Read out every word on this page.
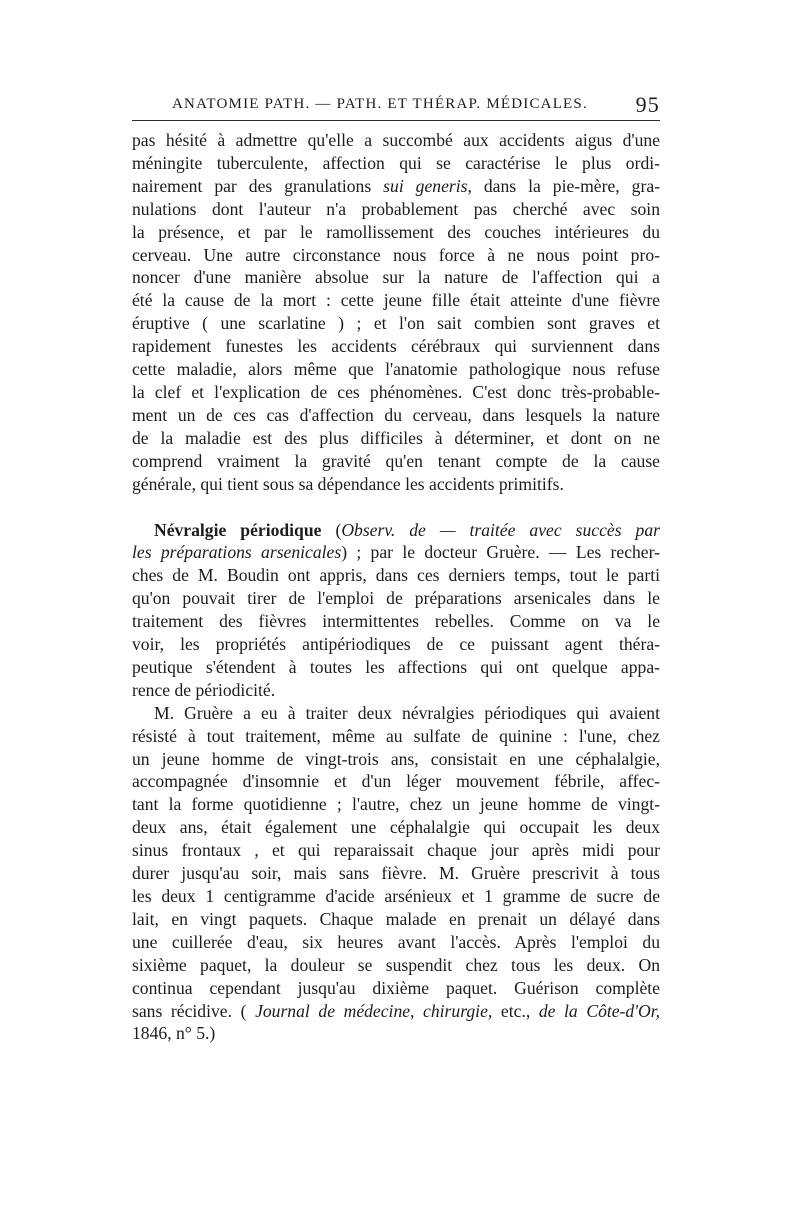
ANATOMIE PATH. — PATH. ET THÉRAP. MÉDICALES. 95
pas hésité à admettre qu'elle a succombé aux accidents aigus d'une
méningite tuberculente, affection qui se caractérise le plus ordi-
nairement par des granulations sui generis, dans la pie-mère, gra-
nulations dont l'auteur n'a probablement pas cherché avec soin
la présence, et par le ramollissement des couches intérieures du
cerveau. Une autre circonstance nous force à ne nous point pro-
noncer d'une manière absolue sur la nature de l'affection qui a
été la cause de la mort : cette jeune fille était atteinte d'une fièvre
éruptive ( une scarlatine ) ; et l'on sait combien sont graves et
rapidement funestes les accidents cérébraux qui surviennent dans
cette maladie, alors même que l'anatomie pathologique nous refuse
la clef et l'explication de ces phénomènes. C'est donc très-probable-
ment un de ces cas d'affection du cerveau, dans lesquels la nature
de la maladie est des plus difficiles à déterminer, et dont on ne
comprend vraiment la gravité qu'en tenant compte de la cause
générale, qui tient sous sa dépendance les accidents primitifs.
Névralgie périodique (Observ. de — traitée avec succès par
les préparations arsenicales) ; par le docteur Gruère. — Les recher-
ches de M. Boudin ont appris, dans ces derniers temps, tout le parti
qu'on pouvait tirer de l'emploi de préparations arsenicales dans le
traitement des fièvres intermittentes rebelles. Comme on va le
voir, les propriétés antipériodiques de ce puissant agent théra-
peutique s'étendent à toutes les affections qui ont quelque appa-
rence de périodicité.
M. Gruère a eu à traiter deux névralgies périodiques qui avaient
résisté à tout traitement, même au sulfate de quinine : l'une, chez
un jeune homme de vingt-trois ans, consistait en une céphalalgie,
accompagnée d'insomnie et d'un léger mouvement fébrile, affec-
tant la forme quotidienne ; l'autre, chez un jeune homme de vingt-
deux ans, était également une céphalalgie qui occupait les deux
sinus frontaux , et qui reparaissait chaque jour après midi pour
durer jusqu'au soir, mais sans fièvre. M. Gruère prescrivit à tous
les deux 1 centigramme d'acide arsénieux et 1 gramme de sucre de
lait, en vingt paquets. Chaque malade en prenait un délayé dans
une cuillerée d'eau, six heures avant l'accès. Après l'emploi du
sixième paquet, la douleur se suspendit chez tous les deux. On
continua cependant jusqu'au dixième paquet. Guérison complète
sans récidive. ( Journal de médecine, chirurgie, etc., de la Côte-d'Or,
1846, n° 5.)
